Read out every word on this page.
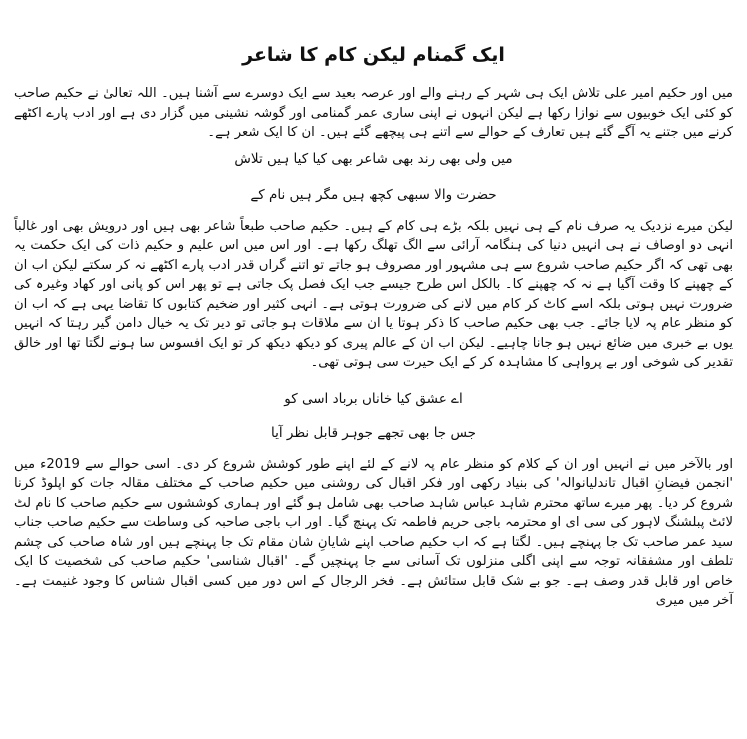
ایک گمنام لیکن کام کا شاعر

میں اور حکیم امیر علی تلاش ایک ہی شہر کے رہنے والے اور عرصہ بعید سے ایک دوسرے سے آشنا ہیں۔ اللہ تعالیٰ نے حکیم صاحب کو کئی ایک خوبیوں سے نوازا رکھا ہے لیکن انہوں نے اپنی ساری عمر گمنامی اور گوشہ نشینی میں گزار دی ہے اور ادب پارے اکٹھے کرنے میں جتنے یہ آگے گئے ہیں تعارف کے حوالے سے اتنے ہی پیچھے گئے ہیں۔ ان کا ایک شعر ہے۔

میں ولی بھی رند بھی شاعر بھی کیا کیا ہیں تلاش

حضرت والا سبھی کچھ ہیں مگر ہیں نام کے

لیکن میرے نزدیک یہ صرف نام کے ہی نہیں بلکہ بڑے ہی کام کے ہیں۔ حکیم صاحب طبعاً شاعر بھی ہیں اور درویش بھی اور غالباً انہی دو اوصاف نے ہی انہیں دنیا کی ہنگامہ آرائی سے الگ تھلگ رکھا ہے۔ اور اس میں اس علیم و حکیم ذات کی ایک حکمت یہ بھی تھی کہ اگر حکیم صاحب شروع سے ہی مشہور اور مصروف ہو جاتے تو اتنے گراں قدر ادب پارے اکٹھے نہ کر سکتے لیکن اب ان کے چھپنے کا وقت آگیا ہے نہ کہ چھپنے کا۔ بالکل اس طرح جیسے جب ایک فصل پک جاتی ہے تو پھر اس کو پانی اور کھاد وغیرہ کی ضرورت نہیں ہوتی بلکہ اسے کاٹ کر کام میں لانے کی ضرورت ہوتی ہے۔ انہی کثیر اور ضخیم کتابوں کا تقاضا یہی ہے کہ اب ان کو منظر عام پہ لایا جائے۔ جب بھی حکیم صاحب کا ذکر ہوتا یا ان سے ملاقات ہو جاتی تو دیر تک یہ خیال دامن گیر رہتا کہ انہیں یوں بے خبری میں ضائع نہیں ہو جانا چاہیے۔ لیکن اب ان کے عالم پیری کو دیکھ دیکھ کر تو ایک افسوس سا ہونے لگتا تھا اور خالق تقدیر کی شوخی اور بے پرواہی کا مشاہدہ کر کے ایک حیرت سی ہوتی تھی۔

اے عشق کیا خاناں برباد اسی کو

جس جا بھی تجھے جوہر قابل نظر آیا

اور بالآخر میں نے انہیں اور ان کے کلام کو منظر عام پہ لانے کے لئے اپنے طور کوشش شروع کر دی۔ اسی حوالے سے 2019ء میں 'انجمن فیضانِ اقبال تاندلیانوالہ' کی بنیاد رکھی اور فکر اقبال کی روشنی میں حکیم صاحب کے مختلف مقالہ جات کو اپلوڈ کرنا شروع کر دیا۔ پھر میرے ساتھ محترم شاہد عباس شاہد صاحب بھی شامل ہو گئے اور ہماری کوششوں سے حکیم صاحب کا نام لٹ لائٹ پبلشنگ لاہور کی سی ای او محترمہ باجی حریم فاطمہ تک پہنچ گیا۔ اور اب باجی صاحبہ کی وساطت سے حکیم صاحب جناب سید عمر صاحب تک جا پہنچے ہیں۔ لگتا ہے کہ اب حکیم صاحب اپنے شایانِ شان مقام تک جا پہنچے ہیں اور شاہ صاحب کی چشم تلطف اور مشفقانہ توجہ سے اپنی اگلی منزلوں تک آسانی سے جا پہنچیں گے۔ 'اقبال شناسی' حکیم صاحب کی شخصیت کا ایک خاص اور قابل قدر وصف ہے۔ جو بے شک قابل ستائش ہے۔ فخر الرجال کے اس دور میں کسی اقبال شناس کا وجود غنیمت ہے۔ آخر میں میری
